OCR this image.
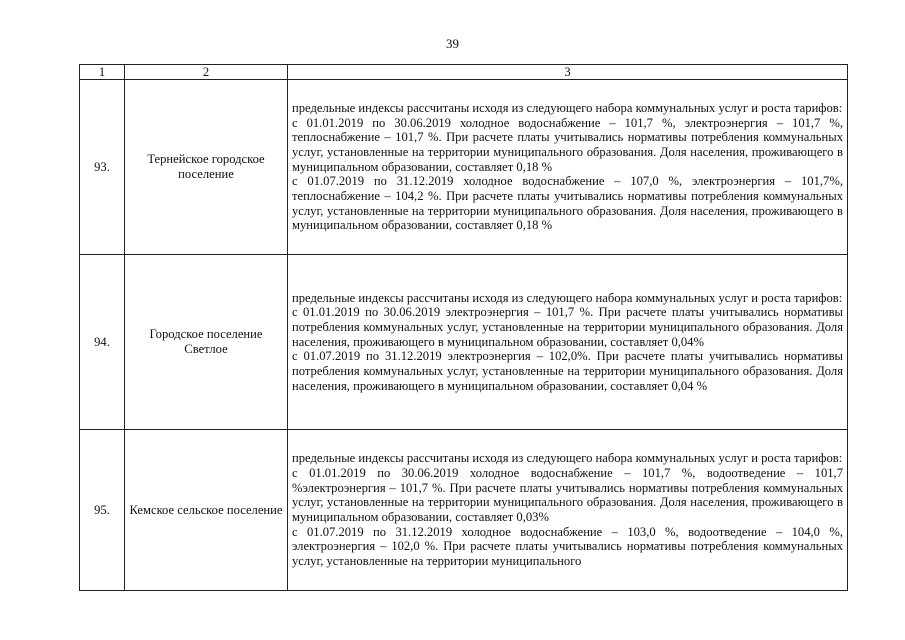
39
1	2	3
93.	Тернейское городское поселение	предельные индексы рассчитаны исходя из следующего набора коммунальных услуг и роста тарифов:
с 01.01.2019 по 30.06.2019 холодное водоснабжение – 101,7 %, электроэнергия – 101,7 %, теплоснабжение – 101,7 %. При расчете платы учитывались нормативы потребления коммунальных услуг, установленные на территории муниципального образования. Доля населения, проживающего в муниципальном образовании, составляет 0,18 %
с 01.07.2019 по 31.12.2019 холодное водоснабжение – 107,0 %, электроэнергия – 101,7%, теплоснабжение – 104,2 %. При расчете платы учитывались нормативы потребления коммунальных услуг, установленные на территории муниципального образования. Доля населения, проживающего в муниципальном образовании, составляет 0,18 %

94.	Городское поселение Светлое	предельные индексы рассчитаны исходя из следующего набора коммунальных услуг и роста тарифов:
с 01.01.2019 по 30.06.2019 электроэнергия – 101,7 %. При расчете платы учитывались нормативы потребления коммунальных услуг, установленные на территории муниципального образования. Доля населения, проживающего в муниципальном образовании, составляет 0,04%
с 01.07.2019 по 31.12.2019 электроэнергия – 102,0%. При расчете платы учитывались нормативы потребления коммунальных услуг, установленные на территории муниципального образования. Доля населения, проживающего в муниципальном образовании, составляет 0,04 %

95.	Кемское сельское поселение	предельные индексы рассчитаны исходя из следующего набора коммунальных услуг и роста тарифов:
с 01.01.2019 по 30.06.2019 холодное водоснабжение – 101,7 %, водоотведение – 101,7 %электроэнергия – 101,7 %. При расчете платы учитывались нормативы потребления коммунальных услуг, установленные на территории муниципального образования. Доля населения, проживающего в муниципальном образовании, составляет 0,03%
с 01.07.2019 по 31.12.2019 холодное водоснабжение – 103,0 %, водоотведение – 104,0 %, электроэнергия – 102,0 %. При расчете платы учитывались нормативы потребления коммунальных услуг, установленные на территории муниципального
